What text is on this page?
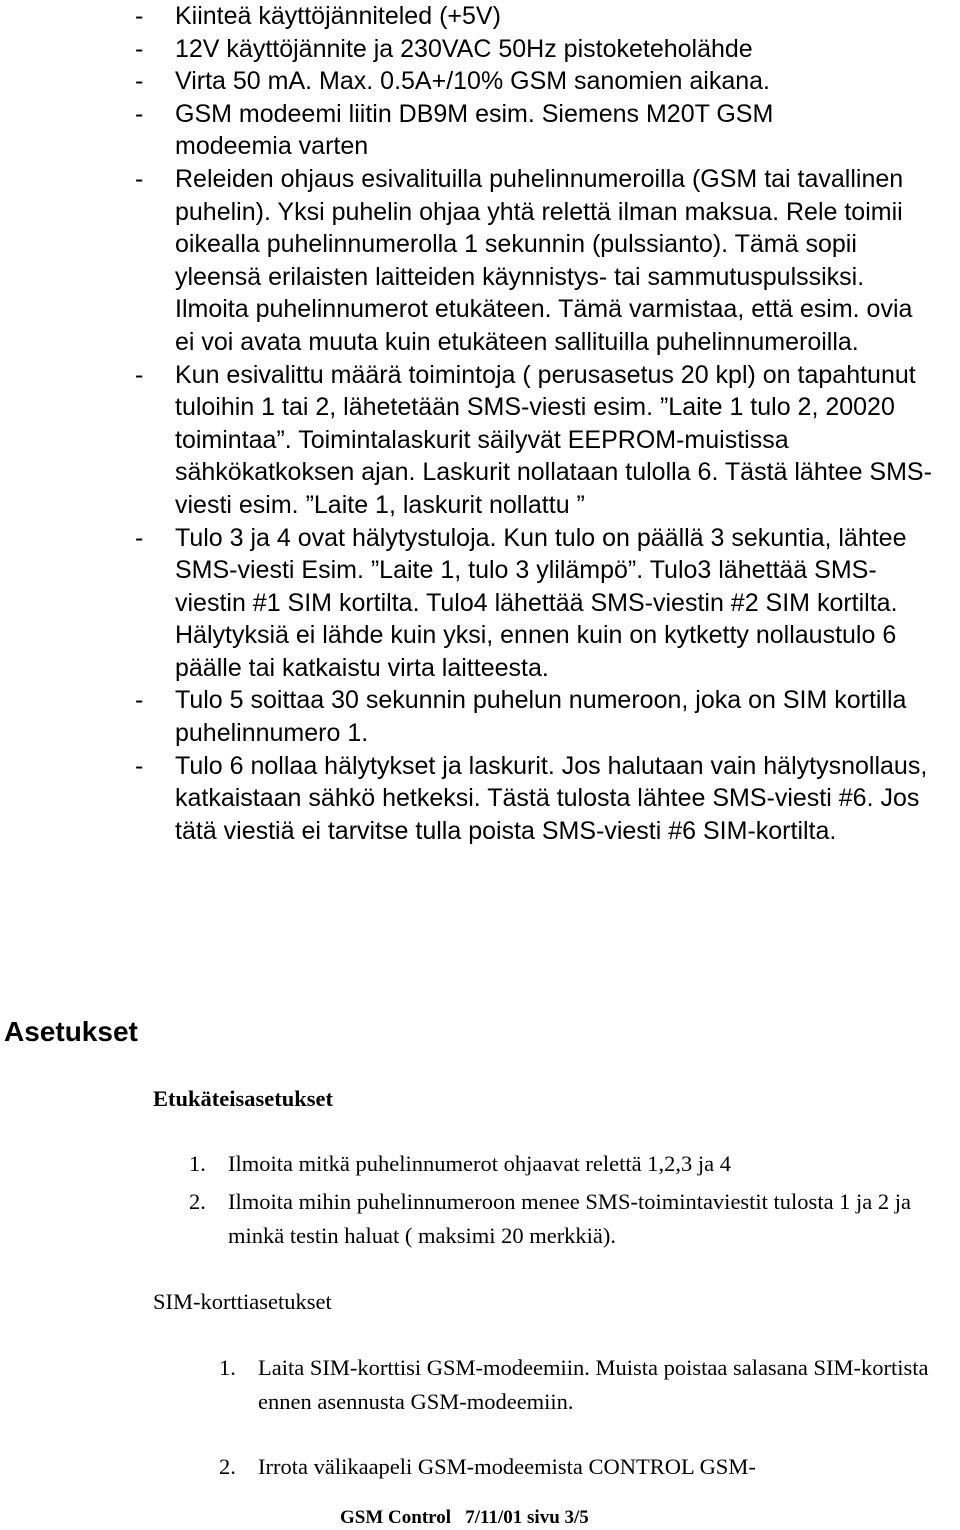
- Kiinteä käyttöjänniteled (+5V)
- 12V käyttöjännite ja 230VAC 50Hz pistoketeholähde
- Virta 50 mA. Max. 0.5A+/10% GSM sanomien aikana.
- GSM modeemi liitin DB9M esim. Siemens M20T GSM modeemia varten
- Releiden ohjaus esivalituilla puhelinnumeroilla (GSM tai tavallinen puhelin). Yksi puhelin ohjaa yhtä relettä ilman maksua. Rele toimii oikealla puhelinnumerolla 1 sekunnin (pulssianto). Tämä sopii yleensä erilaisten laitteiden käynnistys- tai sammutuspulssiksi. Ilmoita puhelinnumerot etukäteen. Tämä varmistaa, että esim. ovia ei voi avata muuta kuin etukäteen sallituilla puhelinnumeroilla.
- Kun esivalittu määrä toimintoja ( perusasetus 20 kpl) on tapahtunut tuloihin 1 tai 2, lähetetään SMS-viesti esim. ”Laite 1 tulo 2, 20020 toimintaa”. Toimintalaskurit säilyvät EEPROM-muistissa sähkökatkoksen ajan. Laskurit nollataan tulolla 6. Tästä lähtee SMS-viesti esim. ”Laite 1, laskurit nollattu ”
- Tulo 3 ja 4 ovat hälytystuloja. Kun tulo on päällä 3 sekuntia, lähtee SMS-viesti Esim. ”Laite 1, tulo 3 ylilämpö”. Tulo3 lähettää SMS-viestin #1 SIM kortilta. Tulo4 lähettää SMS-viestin #2 SIM kortilta. Hälytyksiä ei lähde kuin yksi, ennen kuin on kytketty nollaustulo 6 päälle tai katkaistu virta laitteesta.
- Tulo 5 soittaa 30 sekunnin puhelun numeroon, joka on SIM kortilla puhelinnumero 1.
- Tulo 6 nollaa hälytykset ja laskurit. Jos halutaan vain hälytysnollaus, katkaistaan sähkö hetkeksi. Tästä tulosta lähtee SMS-viesti #6. Jos tätä viestiä ei tarvitse tulla poista SMS-viesti #6 SIM-kortilta.
Asetukset
Etukäteisasetukset
1. Ilmoita mitkä puhelinnumerot ohjaavat relettä 1,2,3 ja 4
2. Ilmoita mihin puhelinnumeroon menee SMS-toimintaviestit tulosta 1 ja 2 ja minkä testin haluat ( maksimi 20 merkkiä).
SIM-korttiasetukset
1. Laita SIM-korttisi GSM-modeemiin. Muista poistaa salasana SIM-kortista ennen asennusta GSM-modeemiin.
2. Irrota välikaapeli GSM-modeemista CONTROL GSM-
GSM Control   7/11/01 sivu 3/5
